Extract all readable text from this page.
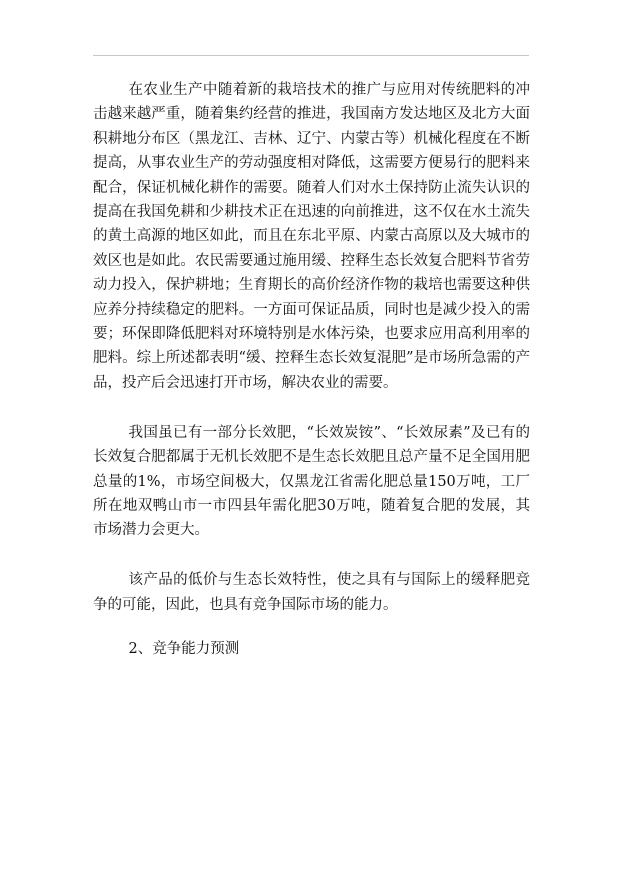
在农业生产中随着新的栽培技术的推广与应用对传统肥料的冲击越来越严重，随着集约经营的推进，我国南方发达地区及北方大面积耕地分布区（黑龙江、吉林、辽宁、内蒙古等）机械化程度在不断提高，从事农业生产的劳动强度相对降低，这需要方便易行的肥料来配合，保证机械化耕作的需要。随着人们对水土保持防止流失认识的提高在我国免耕和少耕技术正在迅速的向前推进，这不仅在水土流失的黄土高源的地区如此，而且在东北平原、内蒙古高原以及大城市的效区也是如此。农民需要通过施用缓、控释生态长效复合肥料节省劳动力投入，保护耕地；生育期长的高价经济作物的栽培也需要这种供应养分持续稳定的肥料。一方面可保证品质，同时也是减少投入的需要；环保即降低肥料对环境特别是水体污染，也要求应用高利用率的肥料。综上所述都表明“缓、控释生态长效复混肥”是市场所急需的产品，投产后会迅速打开市场，解决农业的需要。

我国虽已有一部分长效肥，“长效炭铵”、“长效尿素”及已有的长效复合肥都属于无机长效肥不是生态长效肥且总产量不足全国用肥总量的1%，市场空间极大，仅黑龙江省需化肥总量150万吨，工厂所在地双鸭山市一市四县年需化肥30万吨，随着复合肥的发展，其市场潜力会更大。

该产品的低价与生态长效特性，使之具有与国际上的缓释肥竞争的可能，因此，也具有竞争国际市场的能力。

2、竞争能力预测
